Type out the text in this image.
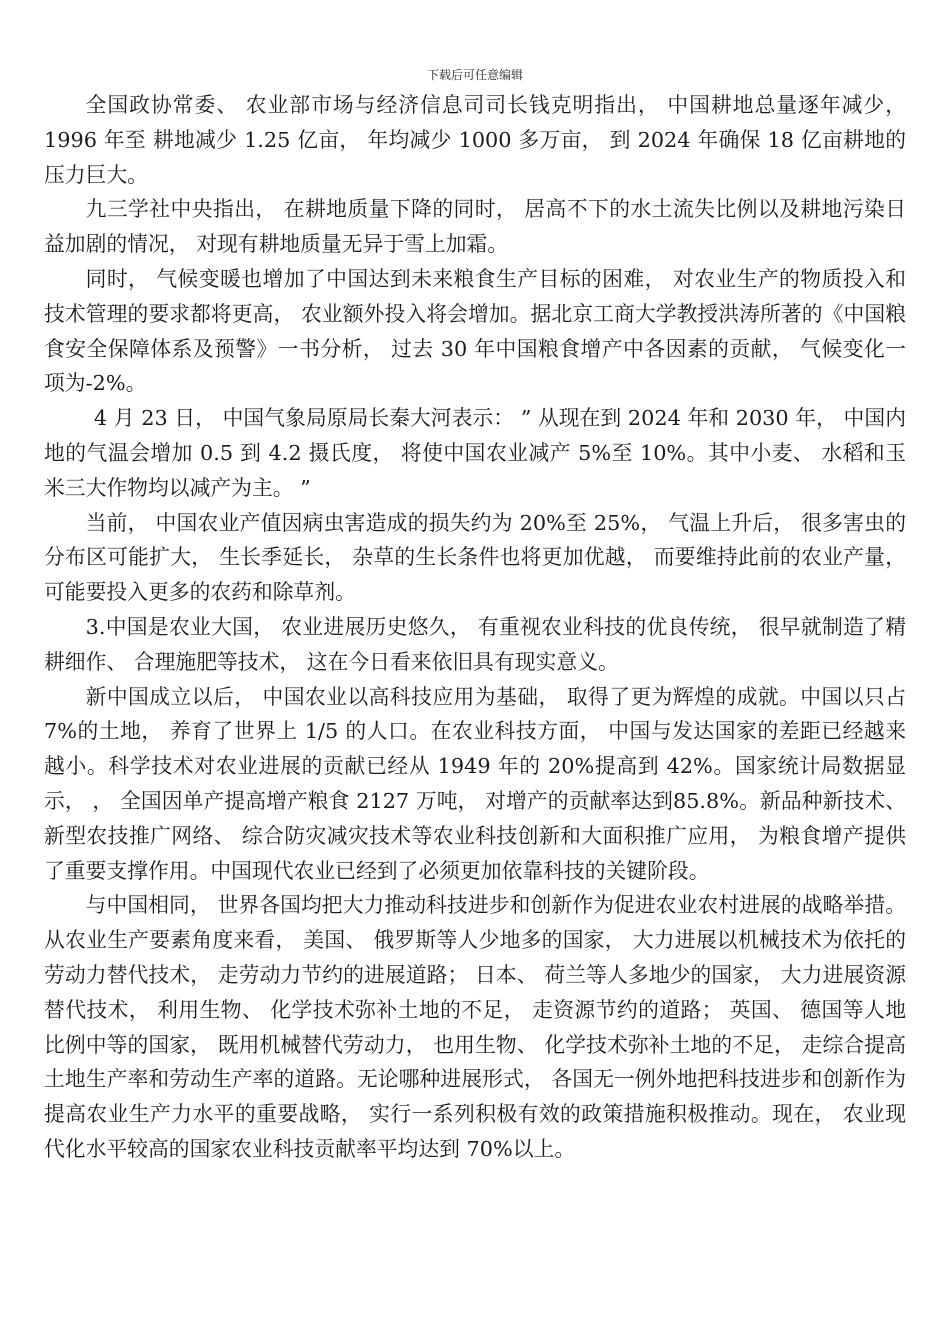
下载后可任意编辑

全国政协常委、 农业部市场与经济信息司司长钱克明指出， 中国耕地总量逐年减少， 1996 年至 耕地减少 1.25 亿亩， 年均减少 1000 多万亩， 到 2024 年确保 18 亿亩耕地的压力巨大。

九三学社中央指出， 在耕地质量下降的同时， 居高不下的水土流失比例以及耕地污染日益加剧的情况， 对现有耕地质量无异于雪上加霜。

同时， 气候变暖也增加了中国达到未来粮食生产目标的困难， 对农业生产的物质投入和技术管理的要求都将更高， 农业额外投入将会增加。据北京工商大学教授洪涛所著的《中国粮食安全保障体系及预警》一书分析， 过去 30 年中国粮食增产中各因素的贡献， 气候变化一项为-2%。

4 月 23 日， 中国气象局原局长秦大河表示： ” 从现在到 2024 年和 2030 年， 中国内地的气温会增加 0.5 到 4.2 摄氏度， 将使中国农业减产 5%至 10%。其中小麦、 水稻和玉米三大作物均以减产为主。 ”

当前， 中国农业产值因病虫害造成的损失约为 20%至 25%， 气温上升后， 很多害虫的分布区可能扩大， 生长季延长， 杂草的生长条件也将更加优越， 而要维持此前的农业产量， 可能要投入更多的农药和除草剂。

3.中国是农业大国， 农业进展历史悠久， 有重视农业科技的优良传统， 很早就制造了精耕细作、 合理施肥等技术， 这在今日看来依旧具有现实意义。

新中国成立以后， 中国农业以高科技应用为基础， 取得了更为辉煌的成就。中国以只占 7%的土地， 养育了世界上 1/5 的人口。在农业科技方面， 中国与发达国家的差距已经越来越小。科学技术对农业进展的贡献已经从 1949 年的 20%提高到 42%。国家统计局数据显示， ， 全国因单产提高增产粮食 2127 万吨， 对增产的贡献率达到85.8%。新品种新技术、 新型农技推广网络、 综合防灾减灾技术等农业科技创新和大面积推广应用， 为粮食增产提供了重要支撑作用。中国现代农业已经到了必须更加依靠科技的关键阶段。

与中国相同， 世界各国均把大力推动科技进步和创新作为促进农业农村进展的战略举措。从农业生产要素角度来看， 美国、 俄罗斯等人少地多的国家， 大力进展以机械技术为依托的劳动力替代技术， 走劳动力节约的进展道路； 日本、 荷兰等人多地少的国家， 大力进展资源替代技术， 利用生物、 化学技术弥补土地的不足， 走资源节约的道路； 英国、 德国等人地比例中等的国家， 既用机械替代劳动力， 也用生物、 化学技术弥补土地的不足， 走综合提高土地生产率和劳动生产率的道路。无论哪种进展形式， 各国无一例外地把科技进步和创新作为提高农业生产力水平的重要战略， 实行一系列积极有效的政策措施积极推动。现在， 农业现代化水平较高的国家农业科技贡献率平均达到 70%以上。
